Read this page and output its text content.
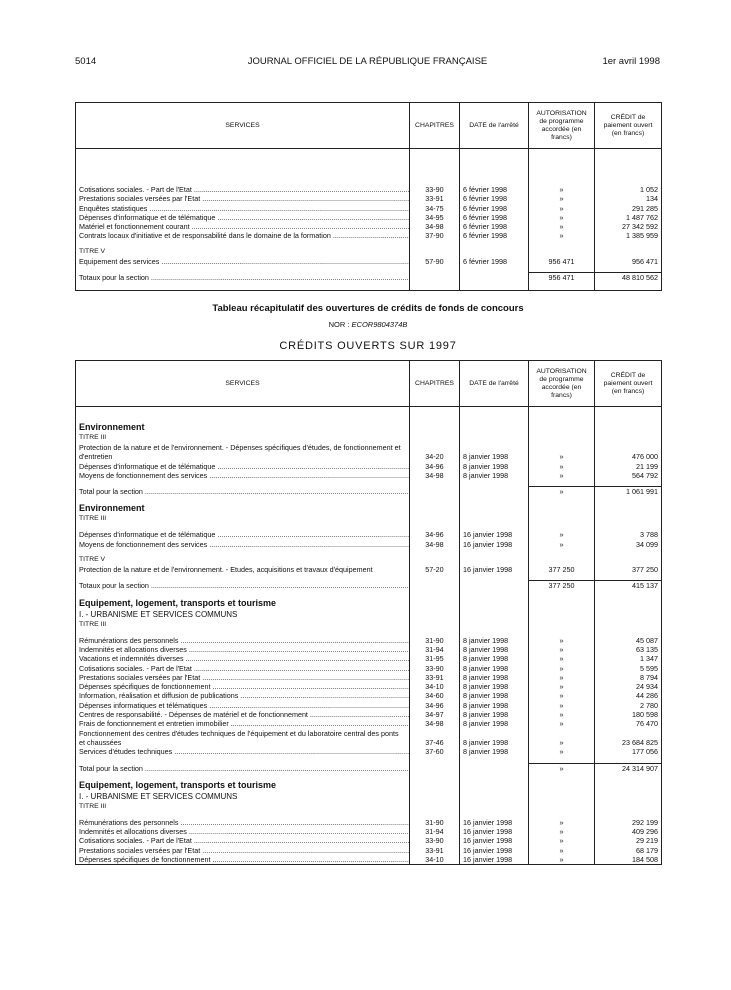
5014	JOURNAL OFFICIEL DE LA RÉPUBLIQUE FRANÇAISE	1er avril 1998
SERVICES	CHAPITRES	DATE de l'arrêté	AUTORISATION de programme accordée (en francs)	CRÉDIT de paiement ouvert (en francs)

Cotisations sociales. - Part de l'Etat .....	33-90	6 février 1998	»	1 052
Prestations sociales versées par l'Etat .....	33-91	6 février 1998	»	134
Enquêtes statistiques .....	34-75	6 février 1998	»	291 285
Dépenses d'informatique et de télématique .....	34-95	6 février 1998	»	1 487 762
Matériel et fonctionnement courant .....	34-98	6 février 1998	»	27 342 592
Contrats locaux d'initiative et de responsabilité dans le domaine de la formation .....	37-90	6 février 1998	»	1 385 959

TITRE V				
Equipement des services .....	57-90	6 février 1998	956 471	956 471

Totaux pour la section .....			956 471	48 810 562

Tableau récapitulatif des ouvertures de crédits de fonds de concours
NOR : ECOR9804374B
CRÉDITS OUVERTS SUR 1997
SERVICES	CHAPITRES	DATE de l'arrêté	AUTORISATION de programme accordée (en francs)	CRÉDIT de paiement ouvert (en francs)

Environnement				
TITRE III				
Protection de la nature et de l'environnement. - Dépenses spécifiques d'études, de fonctionnement et d'entretien	34-20	8 janvier 1998	»	476 000
Dépenses d'informatique et de télématique .....	34-96	8 janvier 1998	»	21 199
Moyens de fonctionnement des services .....	34-98	8 janvier 1998	»	564 792

Total pour la section .....			»	1 061 991

Environnement				
TITRE III				

Dépenses d'informatique et de télématique .....	34-96	16 janvier 1998	»	3 788
Moyens de fonctionnement des services .....	34-98	16 janvier 1998	»	34 099

TITRE V				
Protection de la nature et de l'environnement. - Etudes, acquisitions et travaux d'équipement	57-20	16 janvier 1998	377 250	377 250

Totaux pour la section .....			377 250	415 137

Equipement, logement, transports et tourisme				
I. - URBANISME ET SERVICES COMMUNS				
TITRE III				

Rémunérations des personnels .....	31-90	8 janvier 1998	»	45 087
Indemnités et allocations diverses .....	31-94	8 janvier 1998	»	63 135
Vacations et indemnités diverses .....	31-95	8 janvier 1998	»	1 347
Cotisations sociales. - Part de l'Etat .....	33-90	8 janvier 1998	»	5 595
Prestations sociales versées par l'Etat .....	33-91	8 janvier 1998	»	8 794
Dépenses spécifiques de fonctionnement .....	34-10	8 janvier 1998	»	24 934
Information, réalisation et diffusion de publications .....	34-60	8 janvier 1998	»	44 286
Dépenses informatiques et télématiques .....	34-96	8 janvier 1998	»	2 780
Centres de responsabilité. - Dépenses de matériel et de fonctionnement .....	34-97	8 janvier 1998	»	180 598
Frais de fonctionnement et entretien immobilier .....	34-98	8 janvier 1998	»	76 470
Fonctionnement des centres d'études techniques de l'équipement et du laboratoire central des ponts et chaussées	37-46	8 janvier 1998	»	23 684 825
Services d'études techniques .....	37-60	8 janvier 1998	»	177 056

Total pour la section .....			»	24 314 907

Equipement, logement, transports et tourisme				
I. - URBANISME ET SERVICES COMMUNS				
TITRE III				

Rémunérations des personnels .....	31-90	16 janvier 1998	»	292 199
Indemnités et allocations diverses .....	31-94	16 janvier 1998	»	409 296
Cotisations sociales. - Part de l'Etat .....	33-90	16 janvier 1998	»	29 219
Prestations sociales versées par l'Etat .....	33-91	16 janvier 1998	»	68 179
Dépenses spécifiques de fonctionnement .....	34-10	16 janvier 1998	»	184 508
